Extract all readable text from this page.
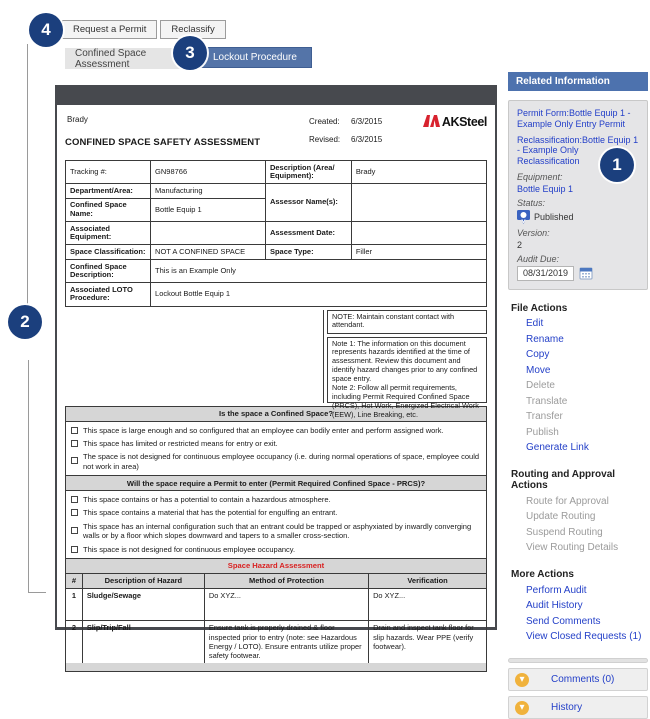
1
2
3
4	Request a Permit	Reclassify
Confined Space Assessment
Lockout Procedure
Brady
CONFINED SPACE SAFETY ASSESSMENT
Created:	6/3/2015
Revised:	6/3/2015
AKSteel
Tracking #:	GN98766	Description (Area/ Equipment):	Brady
Department/Area:	Manufacturing	Assessor Name(s):	
Confined Space Name:	Bottle Equip 1		
Associated Equipment:		Assessment Date:	
Space Classification:	NOT A CONFINED SPACE	Space Type:	Filler
Confined Space Description:	This is an Example Only		
Associated LOTO Procedure:	Lockout Bottle Equip 1		
NOTE: Maintain constant contact with attendant.

Note 1: The information on this document represents hazards identified at the time of assessment. Review this document and identify hazard changes prior to any confined space entry.

Note 2: Follow all permit requirements, including Permit Required Confined Space (PRCS), Hot Work, Energized Electrical Work (EEW), Line Breaking, etc.

Is the space a Confined Space?
This space is large enough and so configured that an employee can bodily enter and perform assigned work.
This space has limited or restricted means for entry or exit.
The space is not designed for continuous employee occupancy (i.e. during normal operations of space, employee could not work in area)
Will the space require a Permit to enter (Permit Required Confined Space - PRCS)?
This space contains or has a potential to contain a hazardous atmosphere.
This space contains a material that has the potential for engulfing an entrant.
This space has an internal configuration such that an entrant could be trapped or asphyxiated by inwardly converging walls or by a floor which slopes downward and tapers to a smaller cross-section.
This space is not designed for continuous employee occupancy.
Space Hazard Assessment
#	Description of Hazard	Method of Protection	Verification
1	Sludge/Sewage	Do XYZ...	Do XYZ...
2	Slip/Trip/Fall	Ensure tank is properly drained & floor inspected prior to entry (note: see Hazardous Energy / LOTO). Ensure entrants utilize proper safety footwear.	Drain and inspect tank floor for slip hazards. Wear PPE (verify footwear).
Related Information
Permit Form:Bottle Equip 1 - Example Only Entry Permit
Reclassification:Bottle Equip 1 - Example Only Reclassification
Equipment:
Bottle Equip 1
Status:
Published
Version:
2
Audit Due:
08/31/2019
File Actions
Edit
Rename
Copy
Move
Delete
Translate
Transfer
Publish
Generate Link
Routing and Approval Actions
Route for Approval
Update Routing
Suspend Routing
View Routing Details
More Actions
Perform Audit
Audit History
Send Comments
View Closed Requests (1)
▾	Comments (0)
▾	History
